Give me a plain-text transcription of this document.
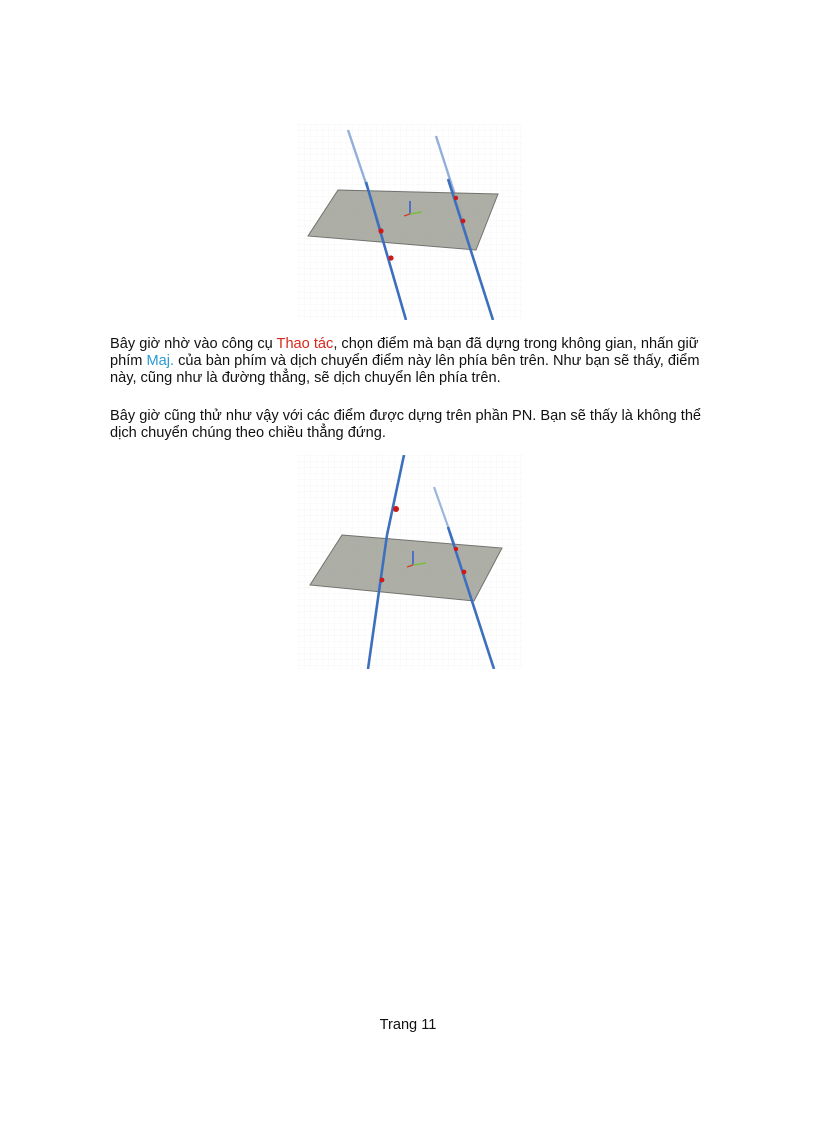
Bây giờ nhờ vào công cụ Thao tác, chọn điểm mà bạn đã dựng trong không gian, nhấn giữ phím Maj. của bàn phím và dịch chuyển điểm này lên phía bên trên. Như bạn sẽ thấy, điểm này, cũng như là đường thẳng, sẽ dịch chuyển lên phía trên.

Bây giờ cũng thử như vậy với các điểm được dựng trên phần PN. Bạn sẽ thấy là không thể dịch chuyển chúng theo chiều thẳng đứng.

Trang 11
